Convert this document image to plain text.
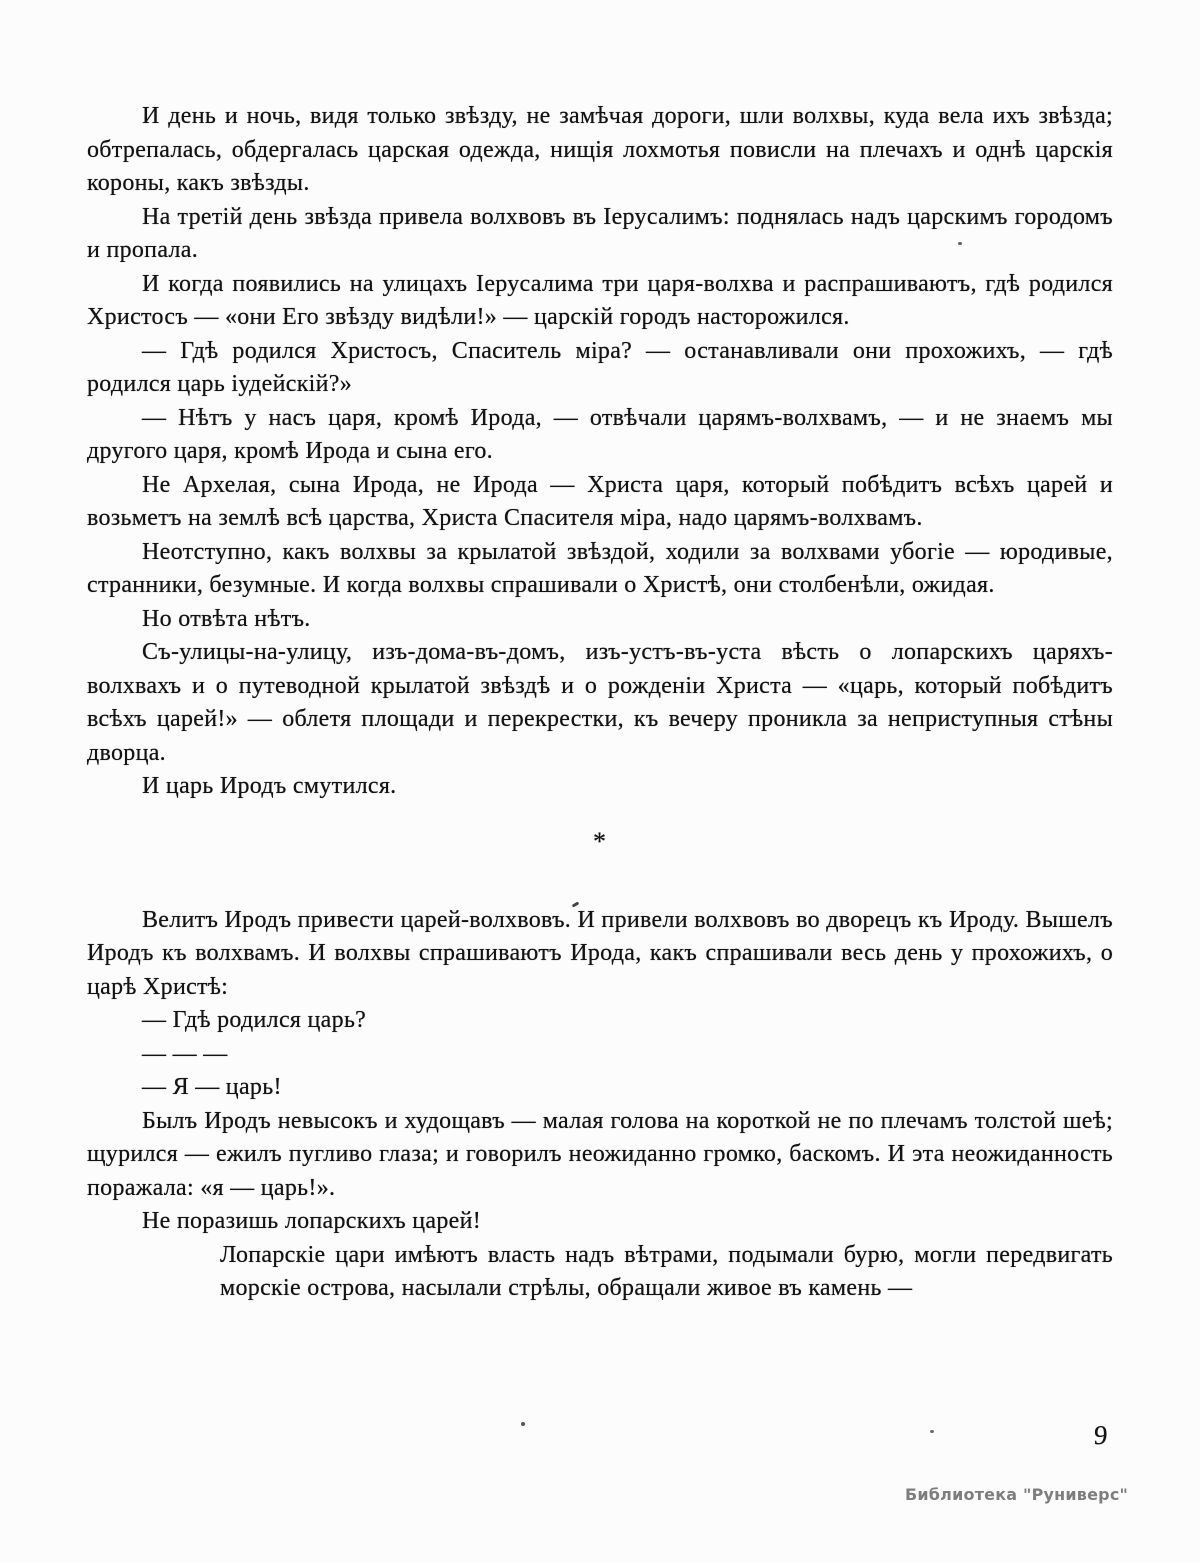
И день и ночь, видя только звѣзду, не замѣчая дороги, шли волхвы, куда вела ихъ звѣзда; обтрепалась, обдергалась царская одежда, нищія лохмотья повисли на плечахъ и однѣ царскія короны, какъ звѣзды.

На третій день звѣзда привела волхвовъ въ Іерусалимъ: поднялась надъ царскимъ городомъ и пропала.

И когда появились на улицахъ Іерусалима три царя-волхва и распрашиваютъ, гдѣ родился Христосъ — «они Его звѣзду видѣли!» — царскій городъ насторожился.

— Гдѣ родился Христосъ, Спаситель міра? — останавливали они прохожихъ, — гдѣ родился царь іудейскій?»

— Нѣтъ у насъ царя, кромѣ Ирода, — отвѣчали царямъ-волхвамъ, — и не знаемъ мы другого царя, кромѣ Ирода и сына его.

Не Архелая, сына Ирода, не Ирода — Христа царя, который побѣдитъ всѣхъ царей и возьметъ на землѣ всѣ царства, Христа Спасителя міра, надо царямъ-волхвамъ.

Неотступно, какъ волхвы за крылатой звѣздой, ходили за волхвами убогіе — юродивые, странники, безумные. И когда волхвы спрашивали о Христѣ, они столбенѣли, ожидая.

Но отвѣта нѣтъ.

Съ-улицы-на-улицу, изъ-дома-въ-домъ, изъ-устъ-въ-уста вѣсть о лопарскихъ царяхъ-волхвахъ и о путеводной крылатой звѣздѣ и о рожденіи Христа — «царь, который побѣдитъ всѣхъ царей!» — облетя площади и перекрестки, къ вечеру проникла за неприступныя стѣны дворца.

И царь Иродъ смутился.

*

Велитъ Иродъ привести царей-волхвовъ. И привели волхвовъ во дворецъ къ Ироду. Вышелъ Иродъ къ волхвамъ. И волхвы спрашиваютъ Ирода, какъ спрашивали весь день у прохожихъ, о царѣ Христѣ:

— Гдѣ родился царь?

— — —

— Я — царь!

Былъ Иродъ невысокъ и худощавъ — малая голова на короткой не по плечамъ толстой шеѣ; щурился — ежилъ пугливо глаза; и говорилъ неожиданно громко, баскомъ. И эта неожиданность поражала: «я — царь!».

Не поразишь лопарскихъ царей!

Лопарскіе цари имѣютъ власть надъ вѣтрами, подымали бурю, могли передвигать морскіе острова, насылали стрѣлы, обращали живое въ камень —

9
Библиотека "Руниверс"
